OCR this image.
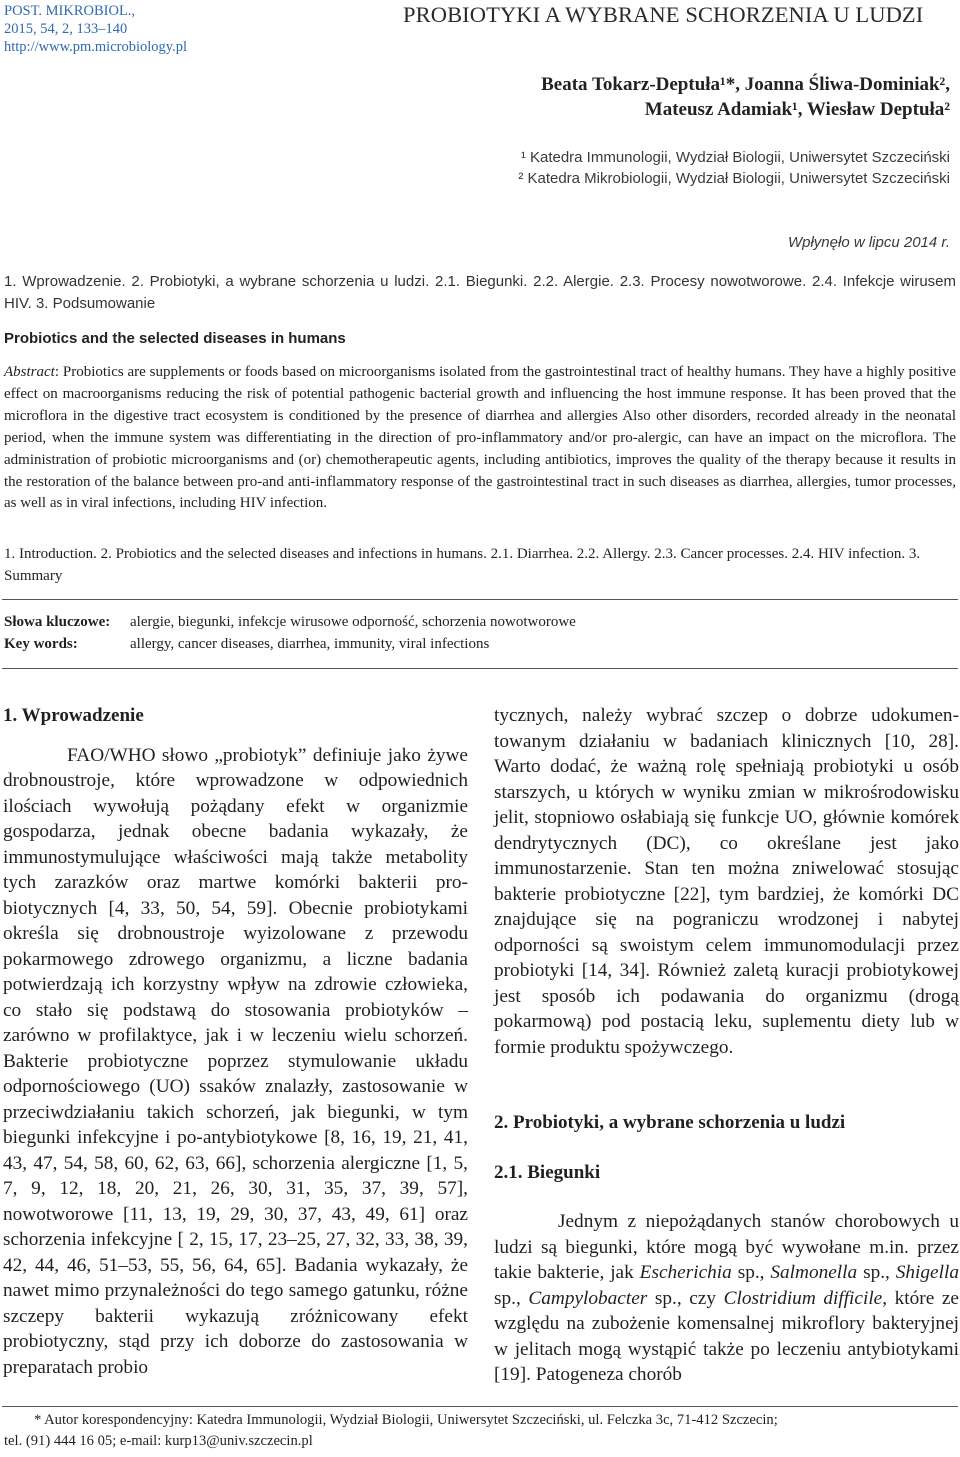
POST. MIKROBIOL.,
2015, 54, 2, 133–140
http://www.pm.microbiology.pl
PROBIOTYKI A WYBRANE SCHORZENIA U LUDZI
Beata Tokarz-Deptuła¹*, Joanna Śliwa-Dominiak²,
Mateusz Adamiak¹, Wiesław Deptuła²
¹ Katedra Immunologii, Wydział Biologii, Uniwersytet Szczeciński
² Katedra Mikrobiologii, Wydział Biologii, Uniwersytet Szczeciński
Wpłynęło w lipcu 2014 r.
1. Wprowadzenie. 2. Probiotyki, a wybrane schorzenia u ludzi. 2.1. Biegunki. 2.2. Alergie. 2.3. Procesy nowotworowe. 2.4. Infekcje wirusem HIV. 3. Podsumowanie
Probiotics and the selected diseases in humans
Abstract: Probiotics are supplements or foods based on microorganisms isolated from the gastrointestinal tract of healthy humans. They have a highly positive effect on macroorganisms reducing the risk of potential pathogenic bacterial growth and influencing the host immune response. It has been proved that the microflora in the digestive tract ecosystem is conditioned by the presence of diarrhea and allergies Also other disorders, recorded already in the neonatal period, when the immune system was differentiating in the direction of pro-inflammatory and/or pro-alergic, can have an impact on the microflora. The administration of probiotic microorganisms and (or) chemotherapeutic agents, including antibiotics, improves the quality of the therapy because it results in the restoration of the balance between pro-and anti-inflammatory response of the gastrointestinal tract in such diseases as diarrhea, allergies, tumor processes, as well as in viral infections, including HIV infection.
1. Introduction. 2. Probiotics and the selected diseases and infections in humans. 2.1. Diarrhea. 2.2. Allergy. 2.3. Cancer processes. 2.4. HIV infection. 3. Summary
Słowa kluczowe: alergie, biegunki, infekcje wirusowe odporność, schorzenia nowotworowe
Key words:	allergy, cancer diseases, diarrhea, immunity, viral infections
1. Wprowadzenie

FAO/WHO słowo „probiotyk” definiuje jako żywe drobnoustroje, które wprowadzone w odpowiednich ilościach wywołują pożądany efekt w organizmie gospodarza, jednak obecne badania wykazały, że immunostymulujące właściwości mają także metabolity tych zarazków oraz martwe komórki bakterii probiotycznych [4, 33, 50, 54, 59]. Obecnie probiotykami określa się drobnoustroje wyizolowane z przewodu pokarmowego zdrowego organizmu, a liczne badania potwierdzają ich korzystny wpływ na zdrowie człowieka, co stało się podstawą do stosowania probiotyków – zarówno w profilaktyce, jak i w leczeniu wielu schorzeń. Bakterie probiotyczne poprzez stymulowanie układu odpornościowego (UO) ssaków znalazły, zastosowanie w przeciwdziałaniu takich schorzeń, jak biegunki, w tym biegunki infekcyjne i po-antybiotykowe [8, 16, 19, 21, 41, 43, 47, 54, 58, 60, 62, 63, 66], schorzenia alergiczne [1, 5, 7, 9, 12, 18, 20, 21, 26, 30, 31, 35, 37, 39, 57], nowotworowe [11, 13, 19, 29, 30, 37, 43, 49, 61] oraz schorzenia infekcyjne [ 2, 15, 17, 23–25, 27, 32, 33, 38, 39, 42, 44, 46, 51–53, 55, 56, 64, 65]. Badania wykazały, że nawet mimo przynależności do tego samego gatunku, różne szczepy bakterii wykazują zróżnicowany efekt probiotyczny, stąd przy ich doborze do zastosowania w preparatach probio

tycznych, należy wybrać szczep o dobrze udokumentowanym działaniu w badaniach klinicznych [10, 28]. Warto dodać, że ważną rolę spełniają probiotyki u osób starszych, u których w wyniku zmian w mikrośrodowisku jelit, stopniowo osłabiają się funkcje UO, głównie komórek dendrytycznych (DC), co określane jest jako immunostarzenie. Stan ten można zniwelować stosując bakterie probiotyczne [22], tym bardziej, że komórki DC znajdujące się na pograniczu wrodzonej i nabytej odporności są swoistym celem immunomodulacji przez probiotyki [14, 34]. Również zaletą kuracji probiotykowej jest sposób ich podawania do organizmu (drogą pokarmową) pod postacią leku, suplementu diety lub w formie produktu spożywczego.

2. Probiotyki, a wybrane schorzenia u ludzi
2.1. Biegunki

Jednym z niepożądanych stanów chorobowych u ludzi są biegunki, które mogą być wywołane m.in. przez takie bakterie, jak Escherichia sp., Salmonella sp., Shigella sp., Campylobacter sp., czy Clostridium difficile, które ze względu na zubożenie komensalnej mikroflory bakteryjnej w jelitach mogą wystąpić także po leczeniu antybiotykami [19]. Patogeneza chorób

* Autor korespondencyjny: Katedra Immunologii, Wydział Biologii, Uniwersytet Szczeciński, ul. Felczka 3c, 71-412 Szczecin;
tel. (91) 444 16 05; e-mail: kurp13@univ.szczecin.pl
